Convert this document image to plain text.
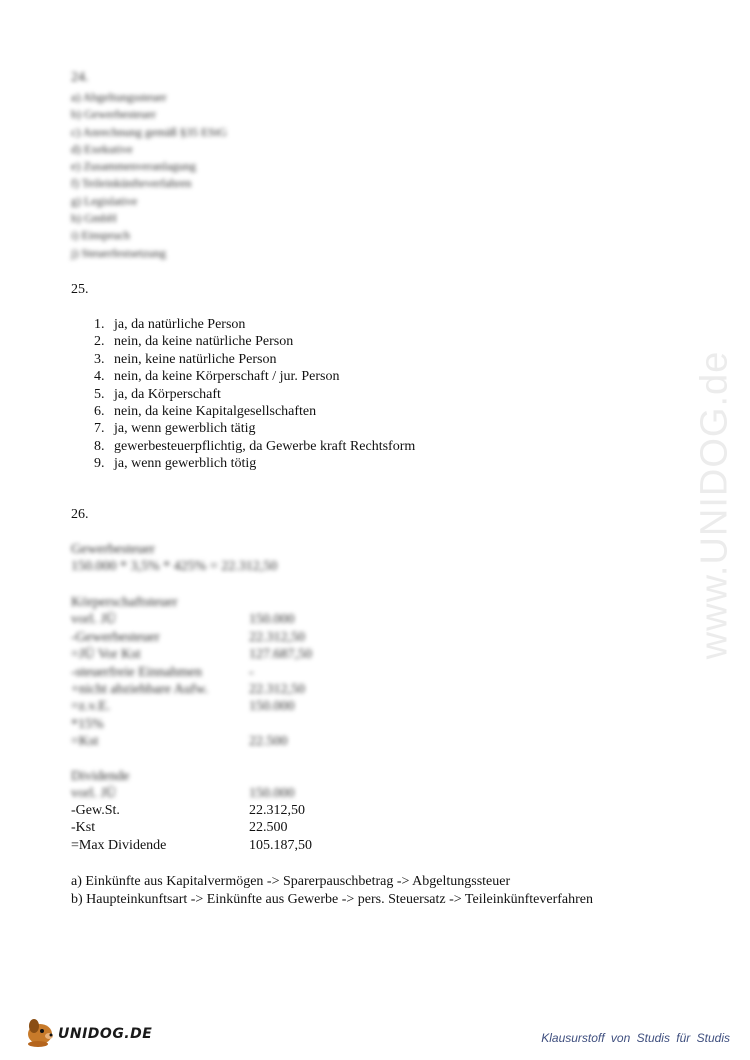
24.
a) Abgeltungssteuer
b) Gewerbesteuer
c) Anrechnung gemäß §35 EStG
d) Exekutive
e) Zusammenveranlagung
f) Teileinkünfteverfahren
g) Legislative
h) GmbH
i) Einspruch
j) Steuerfestsetzung
25.
1. ja, da natürliche Person
2. nein, da keine natürliche Person
3. nein, keine natürliche Person
4. nein, da keine Körperschaft / jur. Person
5. ja, da Körperschaft
6. nein, da keine Kapitalgesellschaften
7. ja, wenn gewerblich tätig
8. gewerbesteuerpflichtig, da Gewerbe kraft Rechtsform
9. ja, wenn gewerblich tötig
26.
Gewerbesteuer
150.000 * 3,5% * 425% = 22.312,50
Körperschaftsteuer
vorl. JÜ	150.000
-Gewerbesteuer	22.312,50
=JÜ Vor Kst	127.687,50
-steuerfreie Einnahmen	-
+nicht abziehbare Aufw.	22.312,50
=z.v.E.	150.000
*15%
=Kst	22.500
Dividende
vorl. JÜ	150.000
-Gew.St.	22.312,50
-Kst	22.500
=Max Dividende	105.187,50
a) Einkünfte aus Kapitalvermögen -> Sparerpauschbetrag -> Abgeltungssteuer
b) Haupteinkunftsart -> Einkünfte aus Gewerbe -> pers. Steuersatz -> Teileinkünfteverfahren
www.UNIDOG.de
UNIDOG.DE	Klausurstoff von Studis für Studis
